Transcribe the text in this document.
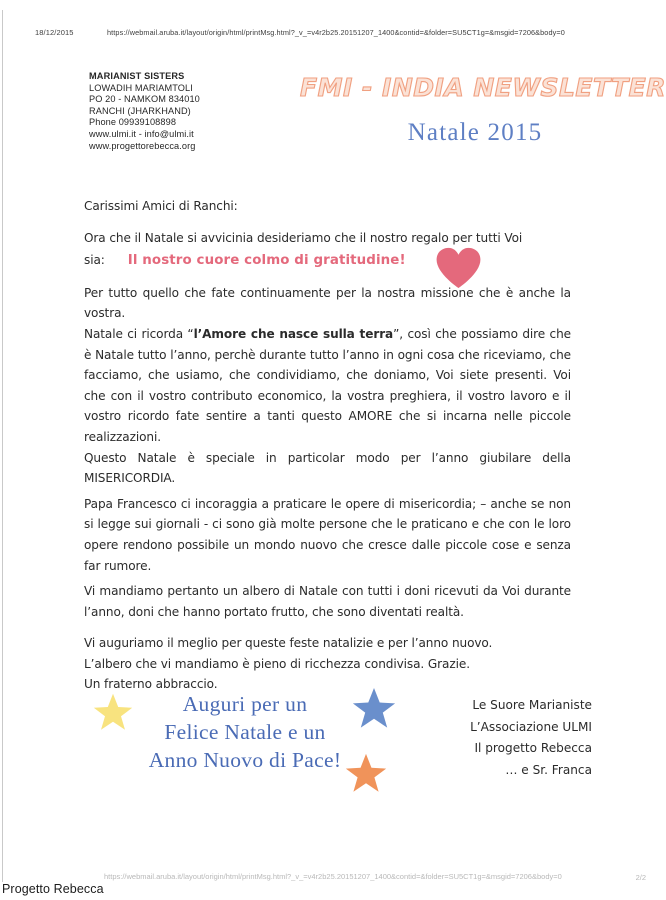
18/12/2015	https://webmail.aruba.it/layout/origin/html/printMsg.html?_v_=v4r2b25.20151207_1400&contid=&folder=SU5CT1g=&msgid=7206&body=0
MARIANIST SISTERS
LOWADIH MARIAMTOLI
PO 20 - NAMKOM 834010
RANCHI (JHARKHAND)
Phone 09939108898
www.ulmi.it - info@ulmi.it
www.progettorebecca.org
FMI - INDIA NEWSLETTER
Natale 2015

Carissimi Amici di Ranchi:

Ora che il Natale si avvicinia desideriamo che il nostro regalo per tutti Voi

sia: Il nostro cuore colmo di gratitudine!

Per tutto quello che fate continuamente per la nostra missione che è anche la vostra.

Natale ci ricorda “l’Amore che nasce sulla terra”, così che possiamo dire che è Natale tutto l’anno, perchè durante tutto l’anno in ogni cosa che riceviamo, che facciamo, che usiamo, che condividiamo, che doniamo, Voi siete presenti. Voi che con il vostro contributo economico, la vostra preghiera, il vostro lavoro e il vostro ricordo fate sentire a tanti questo AMORE che si incarna nelle piccole realizzazioni.

Questo Natale è speciale in particolar modo per l’anno giubilare della MISERICORDIA.

Papa Francesco ci incoraggia a praticare le opere di misericordia; – anche se non si legge sui giornali - ci sono già molte persone che le praticano e che con le loro opere rendono possibile un mondo nuovo che cresce dalle piccole cose e senza far rumore.

Vi mandiamo pertanto un albero di Natale con tutti i doni ricevuti da Voi durante l’anno, doni che hanno portato frutto, che sono diventati realtà.

Vi auguriamo il meglio per queste feste natalizie e per l’anno nuovo.

L’albero che vi mandiamo è pieno di ricchezza condivisa. Grazie.

Un fraterno abbraccio.

Auguri per un
Felice Natale e un
Anno Nuovo di Pace!
Le Suore Marianiste
L’Associazione ULMI
Il progetto Rebecca
… e Sr. Franca
https://webmail.aruba.it/layout/origin/html/printMsg.html?_v_=v4r2b25.20151207_1400&contid=&folder=SU5CT1g=&msgid=7206&body=0	2/2
Progetto Rebecca
